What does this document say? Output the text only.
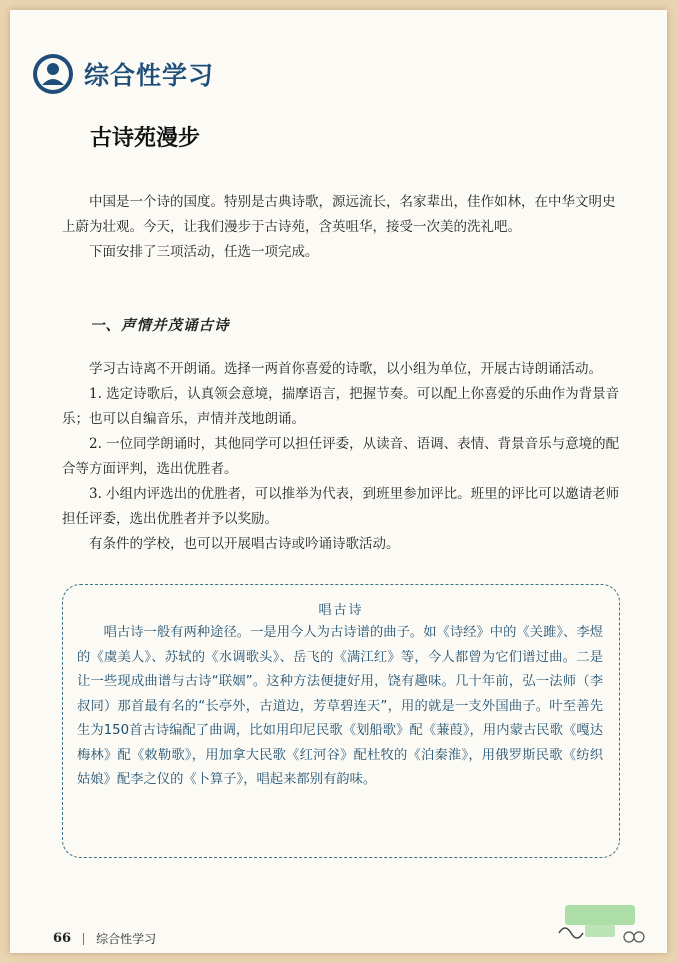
综合性学习
古诗苑漫步

中国是一个诗的国度。特别是古典诗歌，源远流长，名家辈出，佳作如林，在中华文明史上蔚为壮观。今天，让我们漫步于古诗苑，含英咀华，接受一次美的洗礼吧。

下面安排了三项活动，任选一项完成。

一、声情并茂诵古诗

学习古诗离不开朗诵。选择一两首你喜爱的诗歌，以小组为单位，开展古诗朗诵活动。

1. 选定诗歌后，认真领会意境，揣摩语言，把握节奏。可以配上你喜爱的乐曲作为背景音乐；也可以自编音乐，声情并茂地朗诵。

2. 一位同学朗诵时，其他同学可以担任评委，从读音、语调、表情、背景音乐与意境的配合等方面评判，选出优胜者。

3. 小组内评选出的优胜者，可以推举为代表，到班里参加评比。班里的评比可以邀请老师担任评委，选出优胜者并予以奖励。

有条件的学校，也可以开展唱古诗或吟诵诗歌活动。

唱古诗

唱古诗一般有两种途径。一是用今人为古诗谱的曲子。如《诗经》中的《关雎》、李煜的《虞美人》、苏轼的《水调歌头》、岳飞的《满江红》等，今人都曾为它们谱过曲。二是让一些现成曲谱与古诗“联姻”。这种方法便捷好用，饶有趣味。几十年前，弘一法师（李叔同）那首最有名的“长亭外，古道边，芳草碧连天”，用的就是一支外国曲子。叶至善先生为150首古诗编配了曲调，比如用印尼民歌《划船歌》配《蒹葭》，用内蒙古民歌《嘎达梅林》配《敕勒歌》，用加拿大民歌《红河谷》配杜牧的《泊秦淮》，用俄罗斯民歌《纺织姑娘》配李之仪的《卜算子》，唱起来都别有韵味。

66 综合性学习
